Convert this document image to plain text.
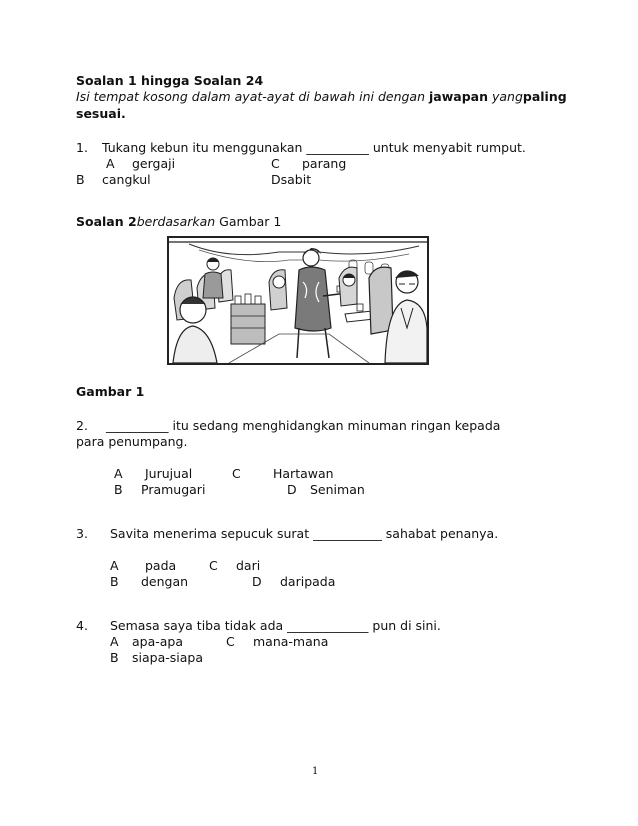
Soalan 1 hingga Soalan 24
Isi tempat kosong dalam ayat-ayat di bawah ini dengan jawapan yangpaling
sesuai.
1. Tukang kebun itu menggunakan __________ untuk menyabit rumput.
A gergaji	C parang
B cangkul	Dsabit
Soalan 2berdasarkan Gambar 1
Gambar 1
2. __________ itu sedang menghidangkan minuman ringan kepada
para penumpang.
A Jurujual	C	Hartawan
B Pramugari	D Seniman
3. Savita menerima sepucuk surat ___________ sahabat penanya.
A pada	C dari
B dengan	D daripada
4. Semasa saya tiba tidak ada _____________ pun di sini.
A apa-apa	C mana-mana
B siapa-siapa
1
